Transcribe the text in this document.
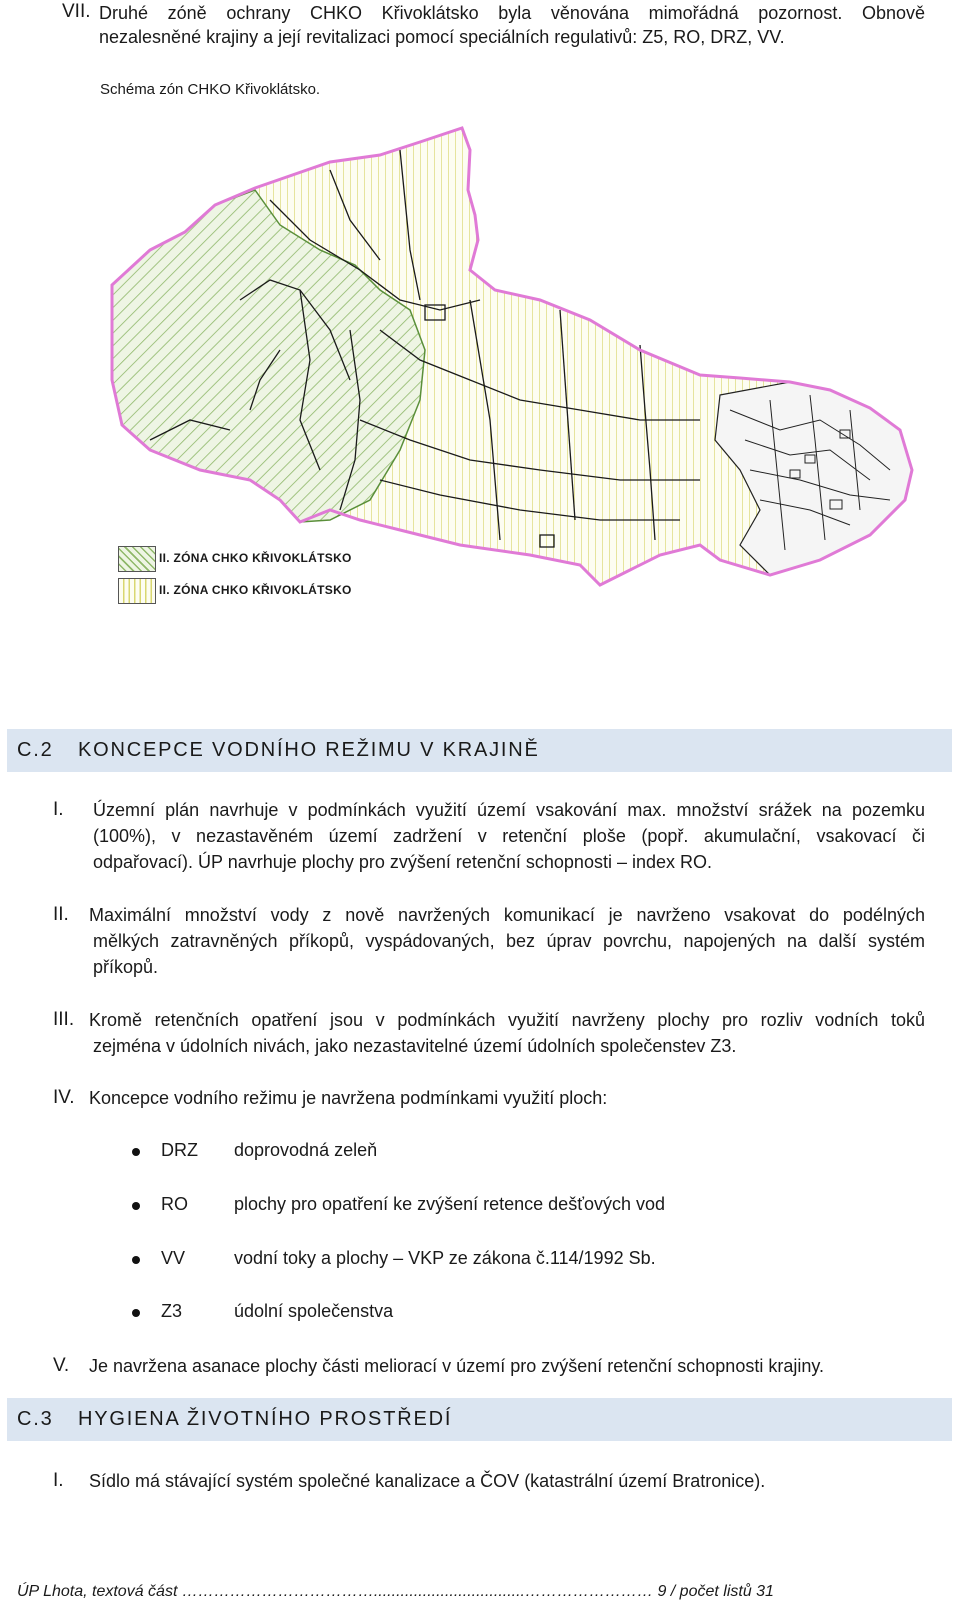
VII. Druhé zóně ochrany CHKO Křivoklátsko byla věnována mimořádná pozornost. Obnově
nezalesněné krajiny a její revitalizaci pomocí speciálních regulativů: Z5, RO, DRZ, VV.
Schéma zón CHKO Křivoklátsko.
II. ZÓNA CHKO KŘIVOKLÁTSKO
II. ZÓNA CHKO KŘIVOKLÁTSKO
C.2 KONCEPCE VODNÍHO REŽIMU V KRAJINĚ
I. Územní plán navrhuje v podmínkách využití území vsakování max. množství srážek na pozemku
(100%), v nezastavěném území zadržení v retenční ploše (popř. akumulační, vsakovací či
odpařovací). ÚP navrhuje plochy pro zvýšení retenční schopnosti – index RO.
II. Maximální množství vody z nově navržených komunikací je navrženo vsakovat do podélných
mělkých zatravněných příkopů, vyspádovaných, bez úprav povrchu, napojených na další systém
příkopů.
III. Kromě retenčních opatření jsou v podmínkách využití navrženy plochy pro rozliv vodních toků
zejména v údolních nivách, jako nezastavitelné území údolních společenstev Z3.
IV. Koncepce vodního režimu je navržena podmínkami využití ploch:
DRZ doprovodná zeleň
RO	plochy pro opatření ke zvýšení retence dešťových vod
VV	vodní toky a plochy – VKP ze zákona č.114/1992 Sb.
Z3	údolní společenstva
V. Je navržena asanace plochy části meliorací v území pro zvýšení retenční schopnosti krajiny.
C.3 HYGIENA ŽIVOTNÍHO PROSTŘEDÍ
I. Sídlo má stávající systém společné kanalizace a ČOV (katastrální území Bratronice).
ÚP Lhota, textová část ………………………………..................................…………………… 9 / počet listů 31
